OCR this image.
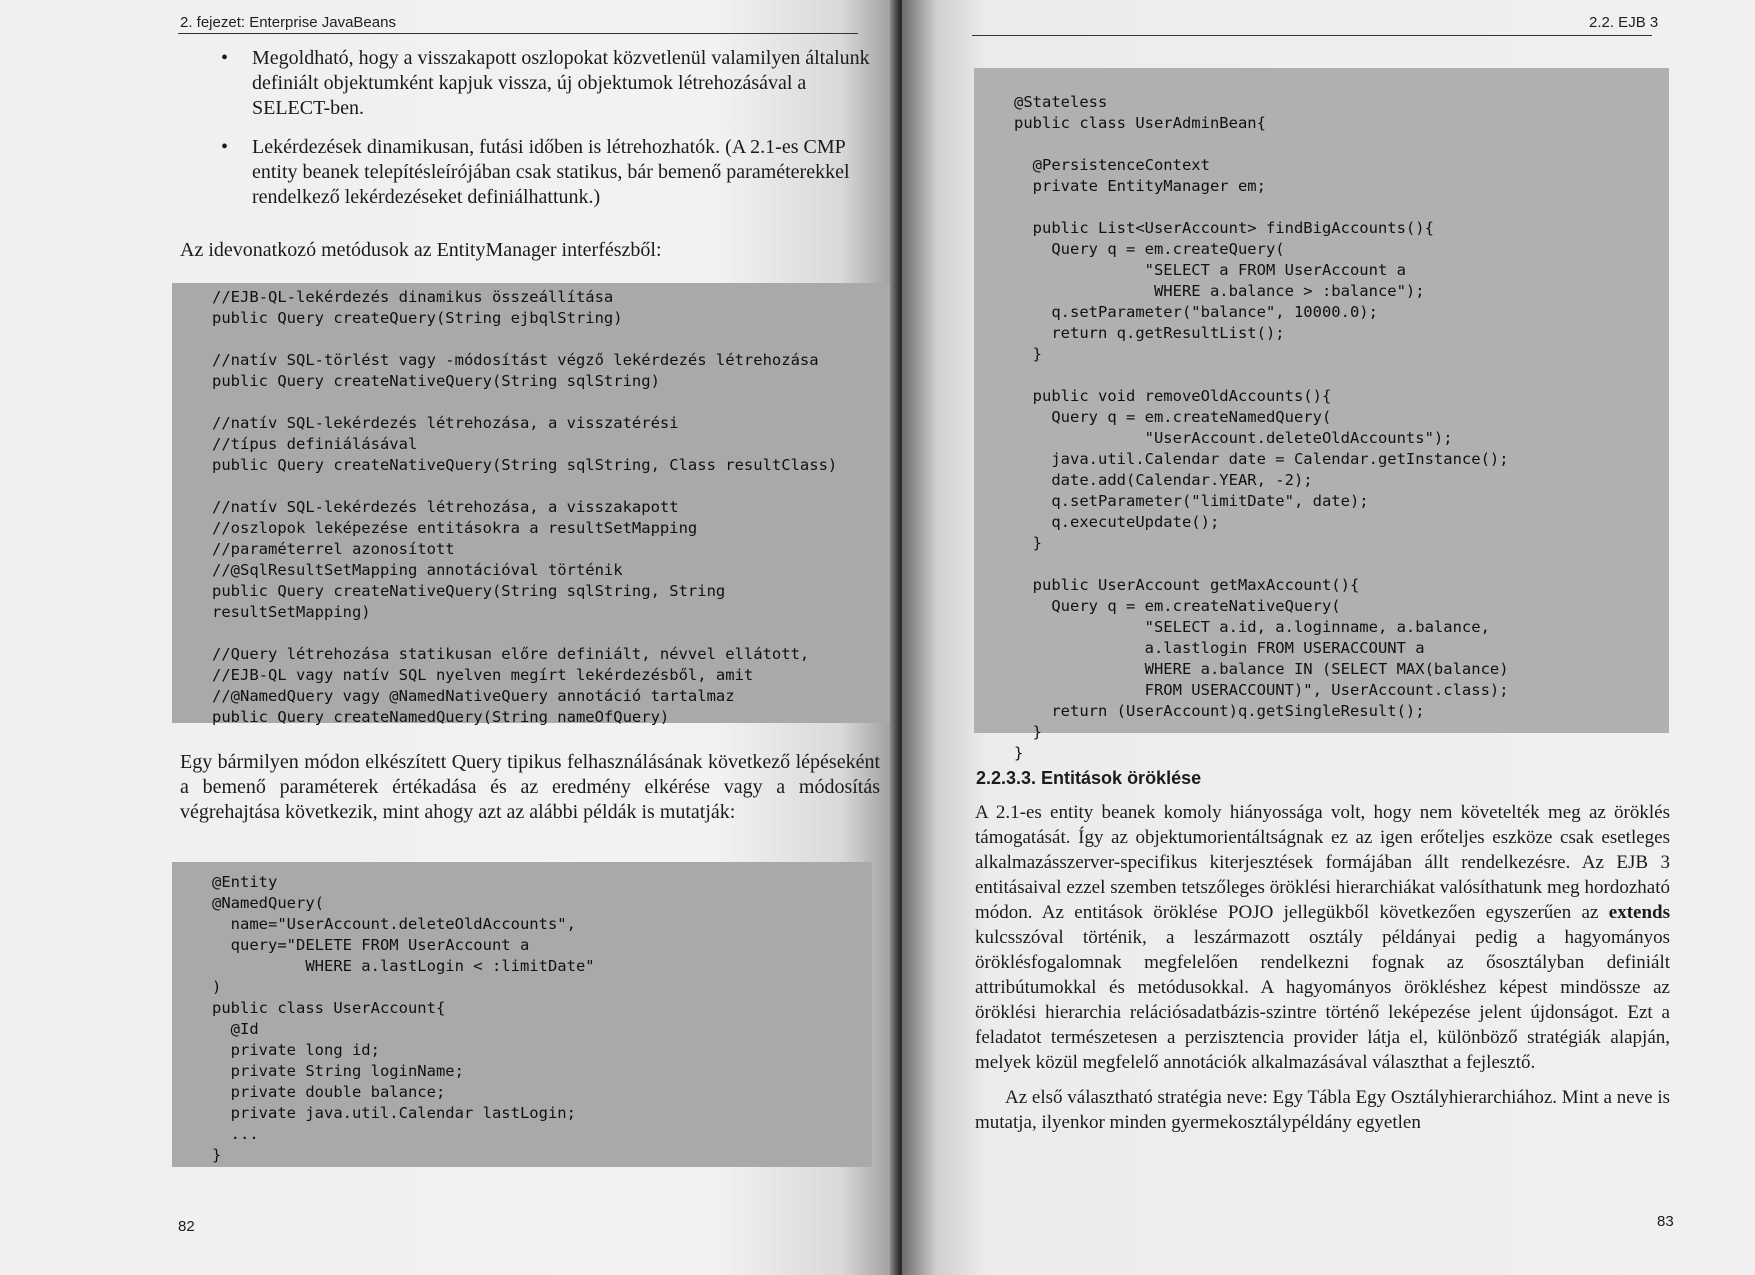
2. fejezet: Enterprise JavaBeans
• Megoldható, hogy a visszakapott oszlopokat közvetlenül valamilyen általunk definiált objektumként kapjuk vissza, új objektumok létrehozásával a SELECT-ben.
• Lekérdezések dinamikusan, futási időben is létrehozhatók. (A 2.1-es CMP entity beanek telepítésleírójában csak statikus, bár bemenő paraméterekkel rendelkező lekérdezéseket definiálhattunk.)
Az idevonatkozó metódusok az EntityManager interfészből:
//EJB-QL-lekérdezés dinamikus összeállítása
public Query createQuery(String ejbqlString)
//natív SQL-törlést vagy -módosítást végző lekérdezés létrehozása
public Query createNativeQuery(String sqlString)
//natív SQL-lekérdezés létrehozása, a visszatérési
//típus definiálásával
public Query createNativeQuery(String sqlString, Class resultClass)
//natív SQL-lekérdezés létrehozása, a visszakapott
//oszlopok leképezése entitásokra a resultSetMapping
//paraméterrel azonosított
//@SqlResultSetMapping annotációval történik
public Query createNativeQuery(String sqlString, String
resultSetMapping)
//Query létrehozása statikusan előre definiált, névvel ellátott,
//EJB-QL vagy natív SQL nyelven megírt lekérdezésből, amit
//@NamedQuery vagy @NamedNativeQuery annotáció tartalmaz
public Query createNamedQuery(String nameOfQuery)
Egy bármilyen módon elkészített Query tipikus felhasználásának következő lépéseként a bemenő paraméterek értékadása és az eredmény elkérése vagy a módosítás végrehajtása következik, mint ahogy azt az alábbi példák is mutatják:
@Entity
@NamedQuery(
name="UserAccount.deleteOldAccounts",
query="DELETE FROM UserAccount a
WHERE a.lastLogin < :limitDate"
)
public class UserAccount{
@Id
private long id;
private String loginName;
private double balance;
private java.util.Calendar lastLogin;
...
}
82
2.2. EJB 3
@Stateless
public class UserAdminBean{
@PersistenceContext
private EntityManager em;
public List<UserAccount> findBigAccounts(){
Query q = em.createQuery(
"SELECT a FROM UserAccount a
WHERE a.balance > :balance");
q.setParameter("balance", 10000.0);
return q.getResultList();
}
public void removeOldAccounts(){
Query q = em.createNamedQuery(
"UserAccount.deleteOldAccounts");
java.util.Calendar date = Calendar.getInstance();
date.add(Calendar.YEAR, -2);
q.setParameter("limitDate", date);
q.executeUpdate();
}
public UserAccount getMaxAccount(){
Query q = em.createNativeQuery(
"SELECT a.id, a.loginname, a.balance,
a.lastlogin FROM USERACCOUNT a
WHERE a.balance IN (SELECT MAX(balance)
FROM USERACCOUNT)", UserAccount.class);
return (UserAccount)q.getSingleResult();
}
}
2.2.3.3. Entitások öröklése
83

A 2.1-es entity beanek komoly hiányossága volt, hogy nem követelték meg az öröklés támogatását. Így az objektumorientáltságnak ez az igen erőteljes eszköze csak esetleges alkalmazásszerver-specifikus kiterjesztések formájában állt rendelkezésre. Az EJB 3 entitásaival ezzel szemben tetszőleges öröklési hierarchiákat valósíthatunk meg hordozható módon. Az entitások öröklése POJO jellegükből következően egyszerűen az extends kulcsszóval történik, a leszármazott osztály példányai pedig a hagyományos öröklésfogalomnak megfelelően rendelkezni fognak az ősosztályban definiált attribútumokkal és metódusokkal. A hagyományos örökléshez képest mindössze az öröklési hierarchia relációsadatbázis-szintre történő leképezése jelent újdonságot. Ezt a feladatot természetesen a perzisztencia provider látja el, különböző stratégiák alapján, melyek közül megfelelő annotációk alkalmazásával választhat a fejlesztő.

Az első választható stratégia neve: Egy Tábla Egy Osztályhierarchiához. Mint a neve is mutatja, ilyenkor minden gyermekosztálypéldány egyetlen
